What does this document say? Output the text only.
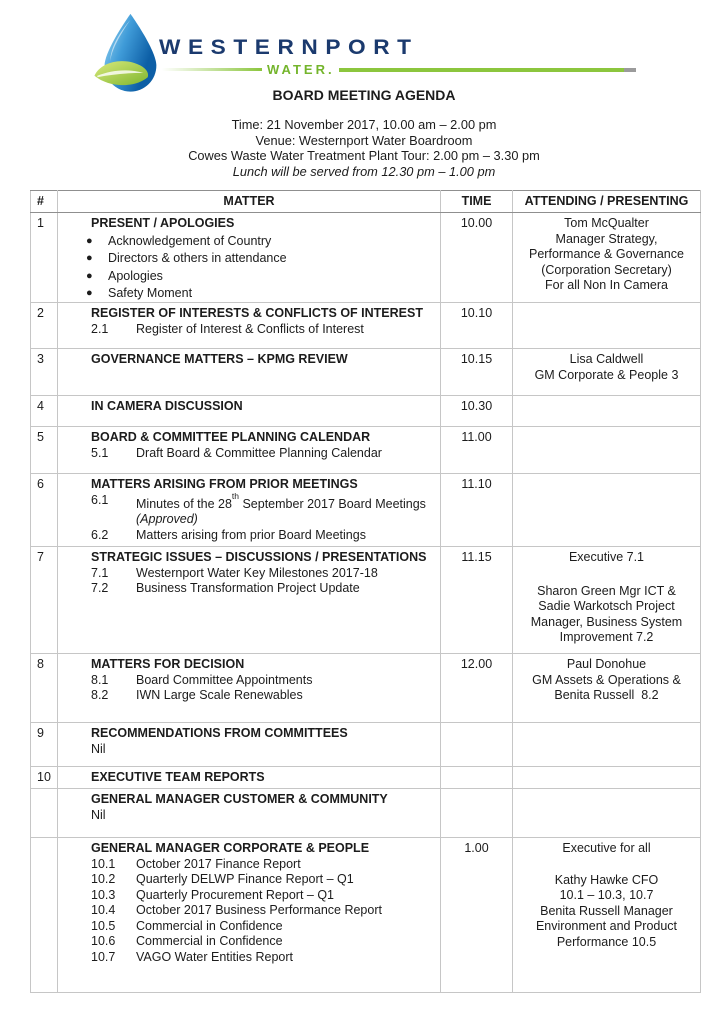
WESTERNPORT
WATER.
BOARD MEETING AGENDA
Time: 21 November 2017, 10.00 am – 2.00 pm
Venue: Westernport Water Boardroom
Cowes Waste Water Treatment Plant Tour: 2.00 pm – 3.30 pm
Lunch will be served from 12.30 pm – 1.00 pm
#	MATTER	TIME	ATTENDING / PRESENTING
1	PRESENT / APOLOGIES
●	Acknowledgement of Country
●	Directors & others in attendance
●	Apologies
●	Safety Moment
	10.00	Tom McQualter
Manager Strategy,
Performance & Governance
(Corporation Secretary)
For all Non In Camera

2	REGISTER OF INTERESTS & CONFLICTS OF INTEREST
2.1 Register of Interest & Conflicts of Interest	10.10	
3	GOVERNANCE MATTERS – KPMG REVIEW	10.15	Lisa Caldwell
GM Corporate & People 3

4	IN CAMERA DISCUSSION	10.30	
5	BOARD & COMMITTEE PLANNING CALENDAR
5.1 Draft Board & Committee Planning Calendar	11.00	
6	MATTERS ARISING FROM PRIOR MEETINGS
6.1	Minutes of the 28th September 2017 Board Meetings
(Approved)
6.2	Matters arising from prior Board Meetings
	11.10	
7	STRATEGIC ISSUES – DISCUSSIONS / PRESENTATIONS
7.1	Westernport Water Key Milestones 2017-18
7.2	Business Transformation Project Update
	11.15	Executive 7.1
Sharon Green Mgr ICT &
Sadie Warkotsch Project
Manager, Business System
Improvement 7.2

8	MATTERS FOR DECISION
8.1	Board Committee Appointments
8.2	IWN Large Scale Renewables
	12.00	Paul Donohue
GM Assets & Operations &
Benita Russell  8.2

9	RECOMMENDATIONS FROM COMMITTEES
Nil		

10	EXECUTIVE TEAM REPORTS		

	GENERAL MANAGER CUSTOMER & COMMUNITY
Nil		

GENERAL MANAGER CORPORATE & PEOPLE
10.1	October 2017 Finance Report
10.2	Quarterly DELWP Finance Report – Q1
10.3	Quarterly Procurement Report – Q1
10.4	October 2017 Business Performance Report
10.5	Commercial in Confidence
10.6	Commercial in Confidence
10.7	VAGO Water Entities Report
	1.00	Executive for all
Kathy Hawke CFO
10.1 – 10.3, 10.7
Benita Russell Manager
Environment and Product
Performance 10.5
